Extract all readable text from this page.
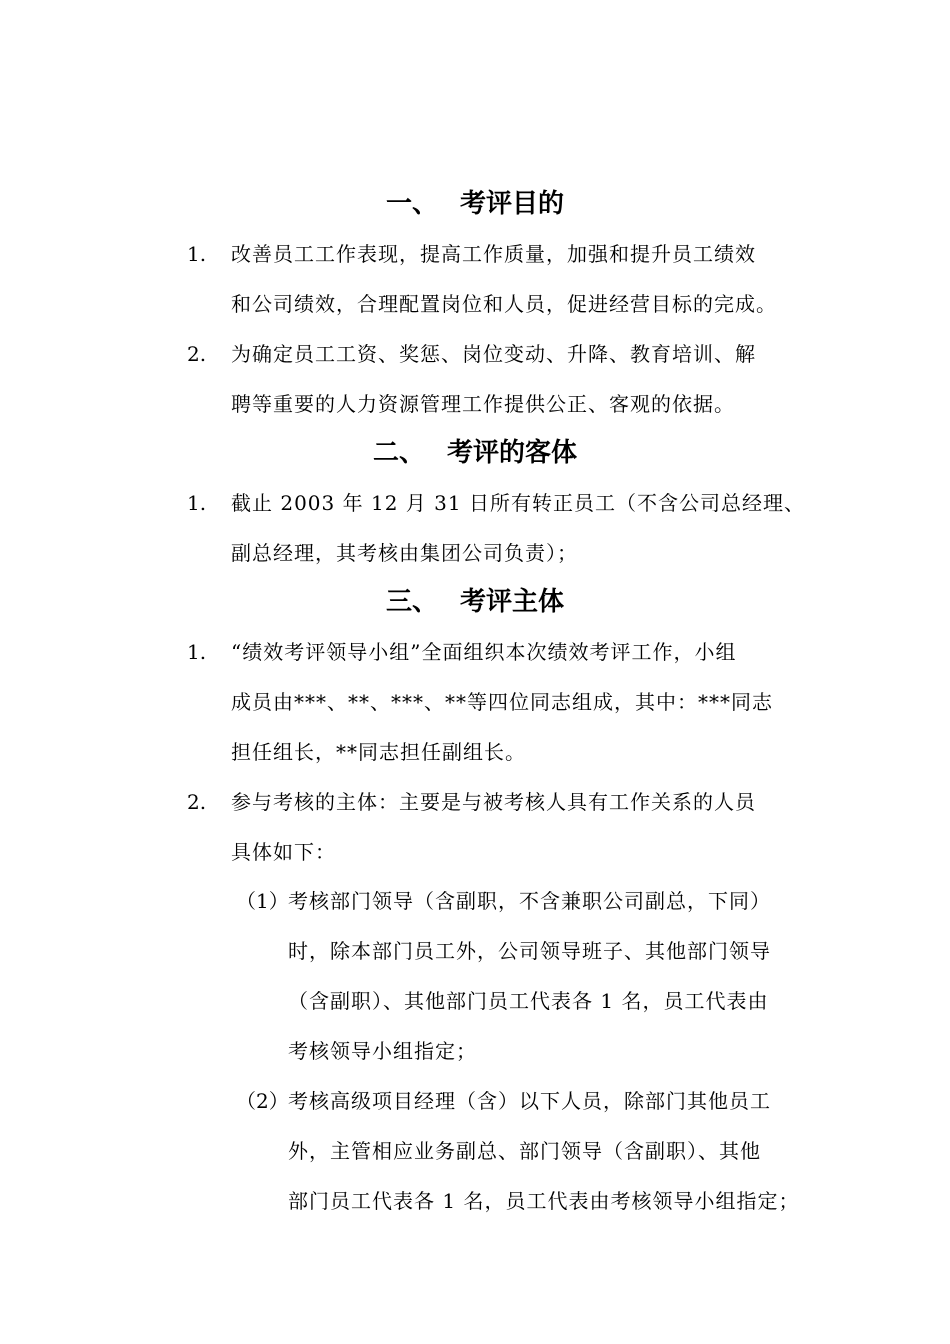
一、 考评目的
1. 改善员工工作表现，提高工作质量，加强和提升员工绩效
和公司绩效，合理配置岗位和人员，促进经营目标的完成。
2. 为确定员工工资、奖惩、岗位变动、升降、教育培训、解
聘等重要的人力资源管理工作提供公正、客观的依据。
二、 考评的客体
1. 截止 2003 年 12 月 31 日所有转正员工（不含公司总经理、
副总经理，其考核由集团公司负责）；
三、 考评主体
1. “绩效考评领导小组”全面组织本次绩效考评工作，小组
成员由***、**、***、**等四位同志组成，其中：***同志
担任组长，**同志担任副组长。
2. 参与考核的主体：主要是与被考核人具有工作关系的人员
具体如下：
（1） 考核部门领导（含副职，不含兼职公司副总，下同）
时，除本部门员工外，公司领导班子、其他部门领导
（含副职）、其他部门员工代表各 1 名，员工代表由
考核领导小组指定；
（2） 考核高级项目经理（含）以下人员，除部门其他员工
外，主管相应业务副总、部门领导（含副职）、其他
部门员工代表各 1 名，员工代表由考核领导小组指定；
